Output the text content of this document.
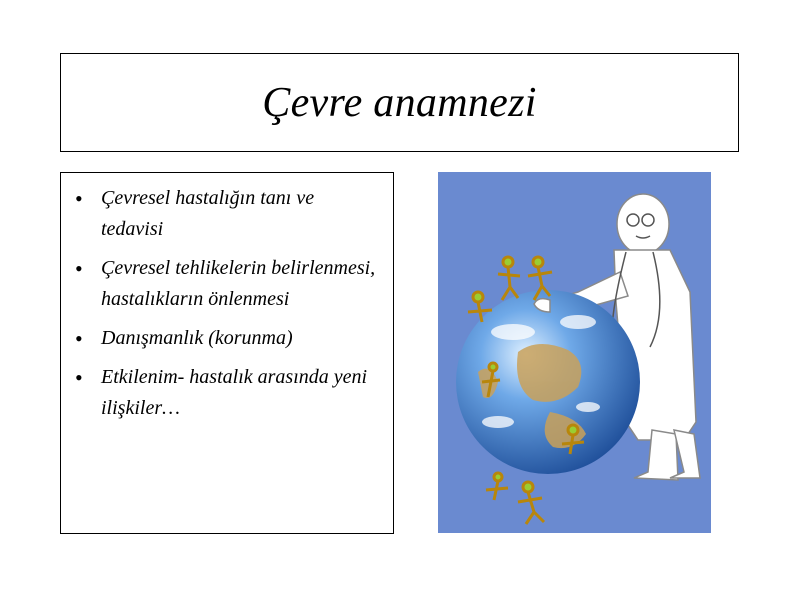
Çevre anamnezi
• Çevresel hastalığın tanı ve tedavisi
• Çevresel tehlikelerin belirlenmesi, hastalıkların önlenmesi
• Danışmanlık (korunma)
• Etkilenim- hastalık arasında yeni ilişkiler…
